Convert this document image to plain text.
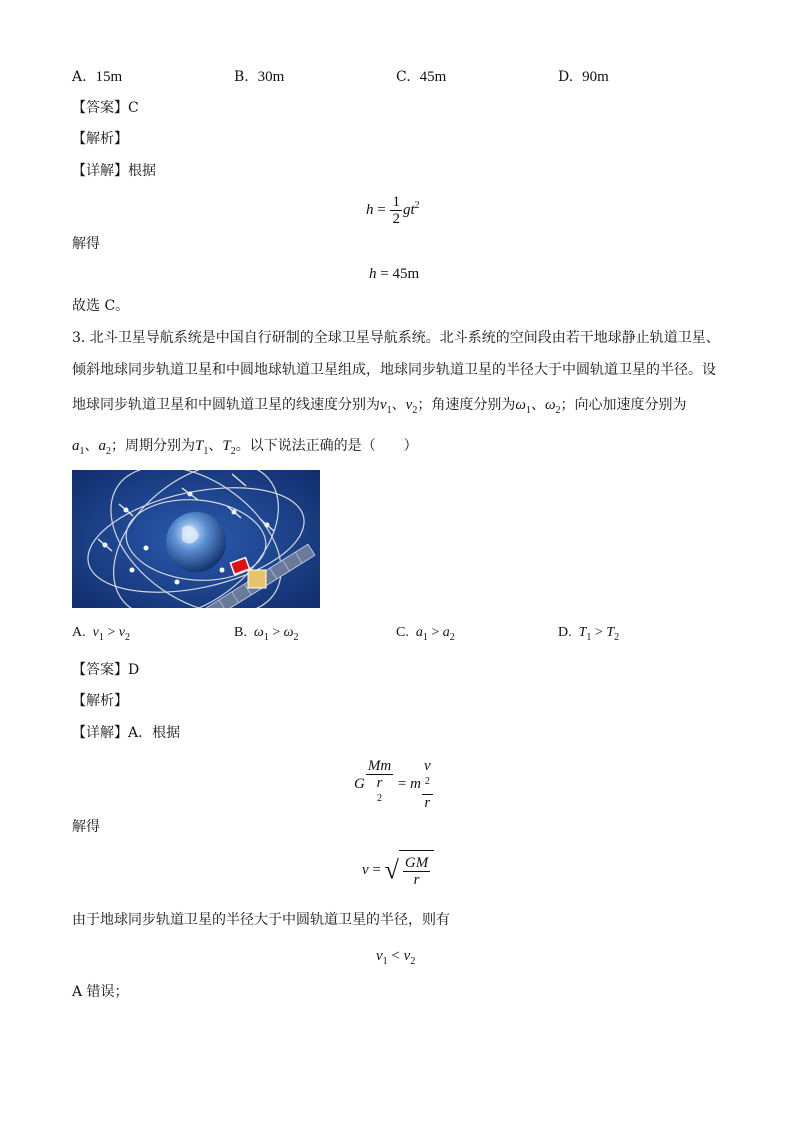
A. 15m	B. 30m	C. 45m	D. 90m
【答案】C
【解析】
【详解】根据
$h = \frac{1}{2} gt^2$
解得
h = 45m
故选 C。
3. 北斗卫星导航系统是中国自行研制的全球卫星导航系统。北斗系统的空间段由若干地球静止轨道卫星、
倾斜地球同步轨道卫星和中圆地球轨道卫星组成，地球同步轨道卫星的半径大于中圆轨道卫星的半径。设
地球同步轨道卫星和中圆轨道卫星的线速度分别为$v_1$、$v_2$；角速度分别为$\omega_1$、$\omega_2$；向心加速度分别为
$a_1$、$a_2$；周期分别为$T_1$、$T_2$。以下说法正确的是（　　）
A. $v_1 > v_2$	B. $\omega_1 > \omega_2$	C. $a_1 > a_2$	D. $T_1 > T_2$
【答案】D
【解析】
【详解】A．根据
G Mm
r
$^2$ = m v
$^2$
r
解得
v = √ $\frac{GM}{r}$
由于地球同步轨道卫星的半径大于中圆轨道卫星的半径，则有
$v_1 < v_2$
A 错误；
